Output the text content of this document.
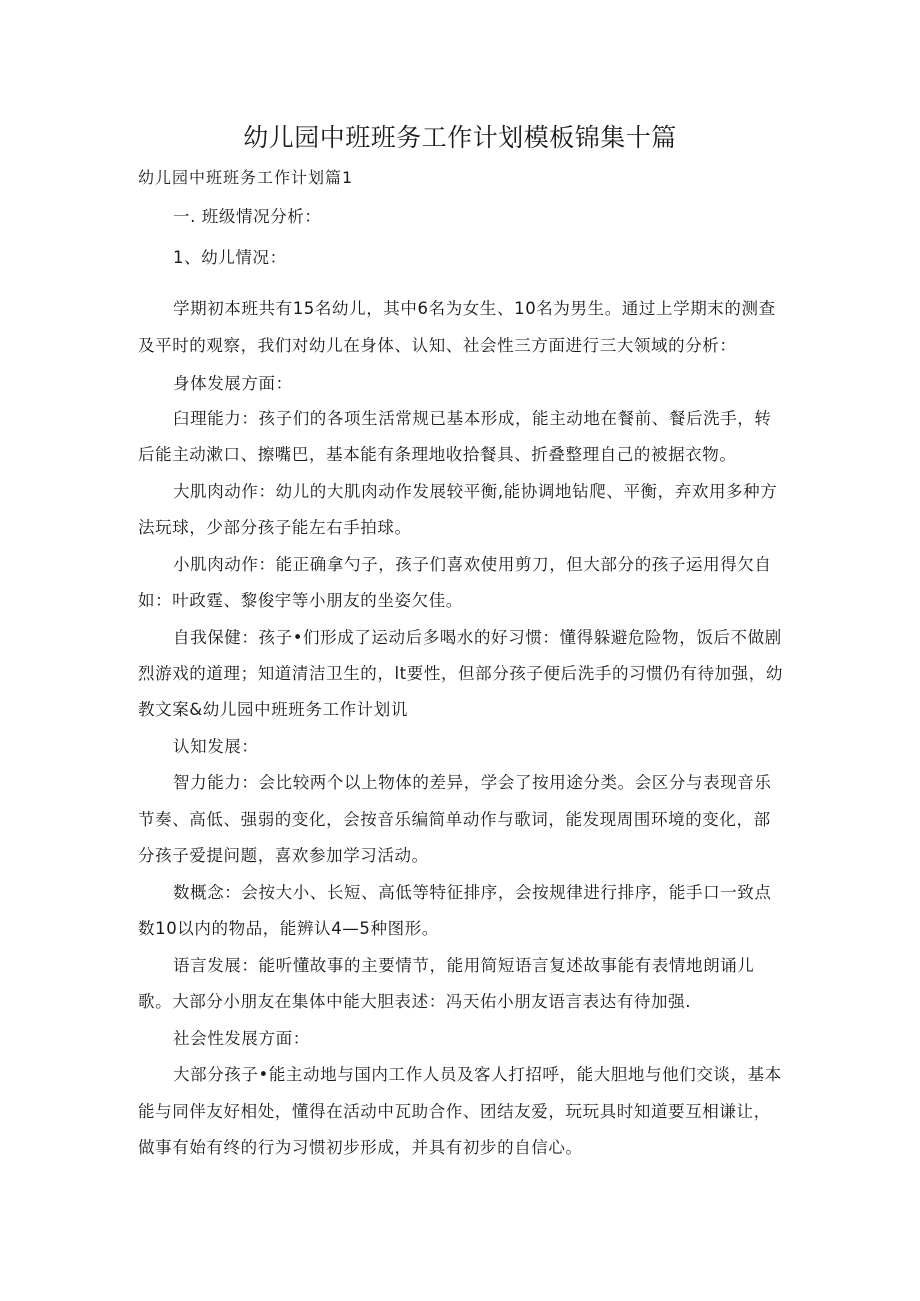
幼儿园中班班务工作计划模板锦集十篇

幼儿园中班班务工作计划篇1

一. 班级情况分析：

1、幼儿情况：

学期初本班共有15名幼儿，其中6名为女生、10名为男生。通过上学期末的测查

及平时的观察，我们对幼儿在身体、认知、社会性三方面进行三大领域的分析：

身体发展方面：

臼理能力：孩子们的各项生活常规已基本形成，能主动地在餐前、餐后洗手，转

后能主动漱口、擦嘴巴，基本能有条理地收拾餐具、折叠整理自己的被据衣物。

大肌肉动作：幼儿的大肌肉动作发展较平衡,能协调地钻爬、平衡，弃欢用多种方

法玩球，少部分孩子能左右手拍球。

小肌肉动作：能正确拿勺子，孩子们喜欢使用剪刀，但大部分的孩子运用得欠自

如：叶政霆、黎俊宇等小朋友的坐姿欠佳。

自我保健：孩子•们形成了运动后多喝水的好习惯：懂得躲避危险物，饭后不做剧

烈游戏的道理；知道清洁卫生的，lt要性，但部分孩子便后洗手的习惯仍有待加强，幼

教文案&幼儿园中班班务工作计划讥

认知发展：

智力能力：会比较两个以上物体的差异，学会了按用途分类。会区分与表现音乐

节奏、高低、强弱的变化，会按音乐编简单动作与歌词，能发现周围环境的变化，部

分孩子爱提问题，喜欢参加学习活动。

数概念：会按大小、长短、高低等特征排序，会按规律进行排序，能手口一致点

数10以内的物品，能辨认4—5种图形。

语言发展：能听懂故事的主要情节，能用简短语言复述故事能有表情地朗诵儿

歌。大部分小朋友在集体中能大胆表述：冯天佑小朋友语言表达有待加强.

社会性发展方面：

大部分孩子•能主动地与国内工作人员及客人打招呼，能大胆地与他们交谈，基本

能与同伴友好相处，懂得在活动中瓦助合作、团结友爱，玩玩具时知道要互相谦让，

做事有始有终的行为习惯初步形成，并具有初步的自信心。
